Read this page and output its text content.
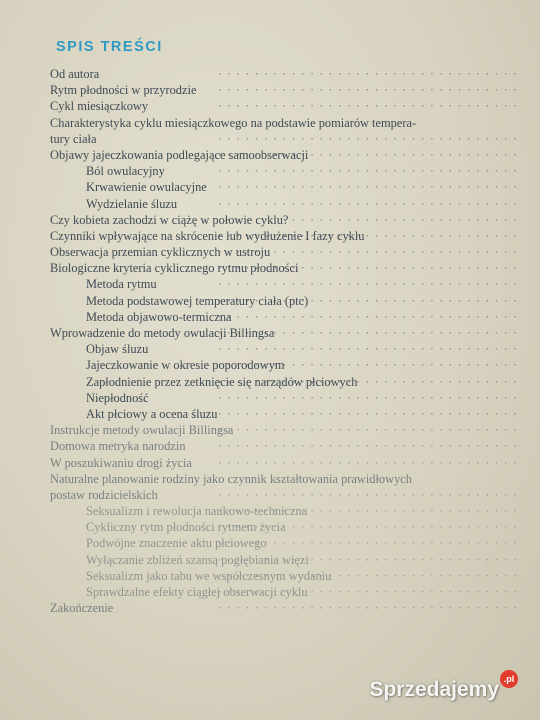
SPIS TREŚCI
Od autora ·
Rytm płodności w przyrodzie ·
Cykl miesiączkowy ·
Charakterystyka cyklu miesiączkowego na podstawie pomiarów tempera-
tury ciała ·
Objawy jajeczkowania podlegające samoobserwacji ·
Ból owulacyjny ·
Krwawienie owulacyjne ·
Wydzielanie śluzu ·
Czy kobieta zachodzi w ciążę w połowie cyklu? ·
Czynniki wpływające na skrócenie lub wydłużenie I fazy cyklu ·
Obserwacja przemian cyklicznych w ustroju ·
Biologiczne kryteria cyklicznego rytmu płodności ·
Metoda rytmu ·
Metoda podstawowej temperatury ciała (ptc) ·
Metoda objawowo-termiczna ·
Wprowadzenie do metody owulacji Billingsa ·
Objaw śluzu ·
Jajeczkowanie w okresie poporodowym ·
Zapłodnienie przez zetknięcie się narządów płciowych ·
Niepłodność ·
Akt płciowy a ocena śluzu ·
Instrukcje metody owulacji Billingsa ·
Domowa metryka narodzin ·
W poszukiwaniu drogi życia ·
Naturalne planowanie rodziny jako czynnik kształtowania prawidłowych
postaw rodzicielskich ·
Seksualizm i rewolucja naukowo-techniczna ·
Cykliczny rytm płodności rytmem życia ·
Podwójne znaczenie aktu płciowego ·
Wyłączanie zbliżeń szansą pogłębiania więzi ·
Seksualizm jako tabu we współczesnym wydaniu ·
Sprawdzalne efekty ciągłej obserwacji cyklu ·
Zakończenie ·
Sprzedajemy .pl
